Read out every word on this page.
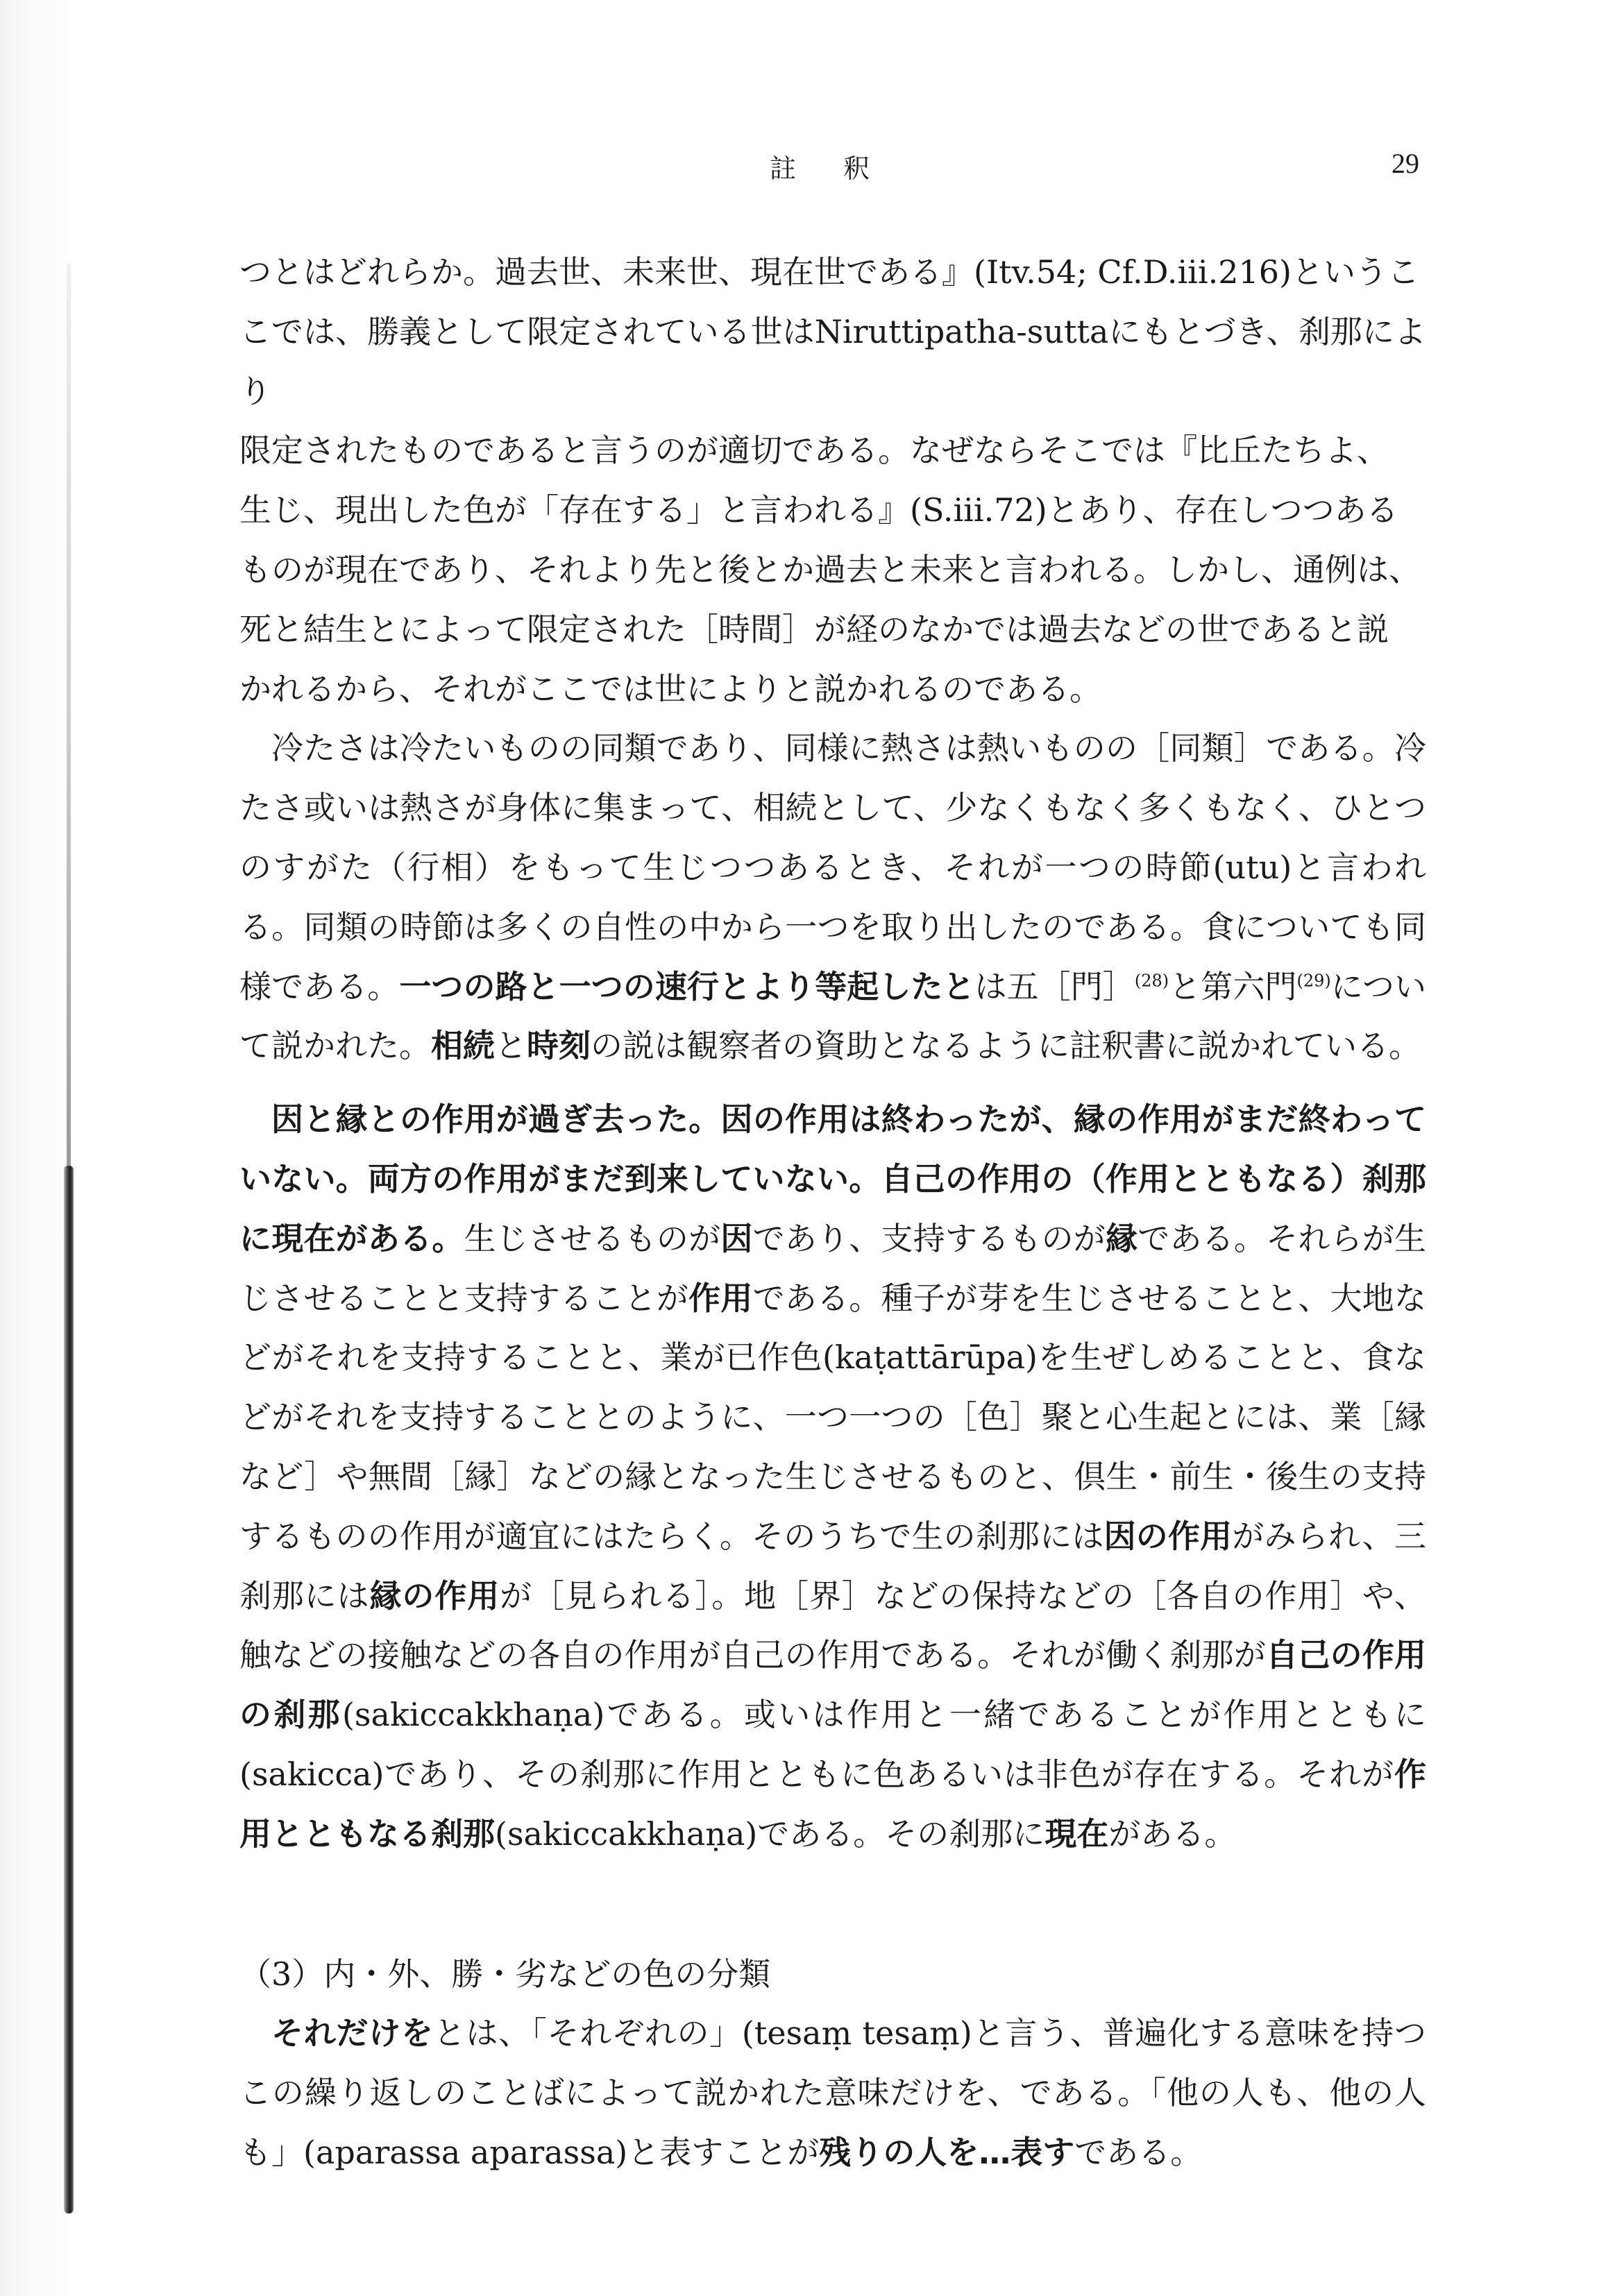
註 釈	29

つとはどれらか。過去世、未来世、現在世である』(Itv.54; Cf.D.iii.216)というこ

こでは、勝義として限定されている世はNiruttipatha-suttaにもとづき、刹那により

限定されたものであると言うのが適切である。なぜならそこでは『比丘たちよ、

生じ、現出した色が「存在する」と言われる』(S.iii.72)とあり、存在しつつある

ものが現在であり、それより先と後とか過去と未来と言われる。しかし、通例は、

死と結生とによって限定された［時間］が経のなかでは過去などの世であると説

かれるから、それがここでは世によりと説かれるのである。

冷たさは冷たいものの同類であり、同様に熱さは熱いものの［同類］である。冷たさ或いは熱さが身体に集まって、相続として、少なくもなく多くもなく、ひとつのすがた（行相）をもって生じつつあるとき、それが一つの時節(utu)と言われる。同類の時節は多くの自性の中から一つを取り出したのである。食についても同様である。一つの路と一つの速行とより等起したとは五［門］$^{(28)}$と第六門$^{(29)}$について説かれた。相続と時刻の説は観察者の資助となるように註釈書に説かれている。

因と縁との作用が過ぎ去った。因の作用は終わったが、縁の作用がまだ終わっていない。両方の作用がまだ到来していない。自己の作用の（作用とともなる）刹那に現在がある。生じさせるものが因であり、支持するものが縁である。それらが生じさせることと支持することが作用である。種子が芽を生じさせることと、大地などがそれを支持することと、業が已作色(kaṭattārūpa)を生ぜしめることと、食などがそれを支持することとのように、一つ一つの［色］聚と心生起とには、業［縁など］や無間［縁］などの縁となった生じさせるものと、倶生・前生・後生の支持するものの作用が適宜にはたらく。そのうちで生の刹那には因の作用がみられ、三刹那には縁の作用が［見られる］。地［界］などの保持などの［各自の作用］や、触などの接触などの各自の作用が自己の作用である。それが働く刹那が自己の作用の刹那(sakiccakkhaṇa)である。或いは作用と一緒であることが作用とともに(sakicca)であり、その刹那に作用とともに色あるいは非色が存在する。それが作用とともなる刹那(sakiccakkhaṇa)である。その刹那に現在がある。

（3）内・外、勝・劣などの色の分類

それだけをとは、「それぞれの」(tesaṃ tesaṃ)と言う、普遍化する意味を持つこの繰り返しのことばによって説かれた意味だけを、である。「他の人も、他の人も」(aparassa aparassa)と表すことが残りの人を…表すである。
